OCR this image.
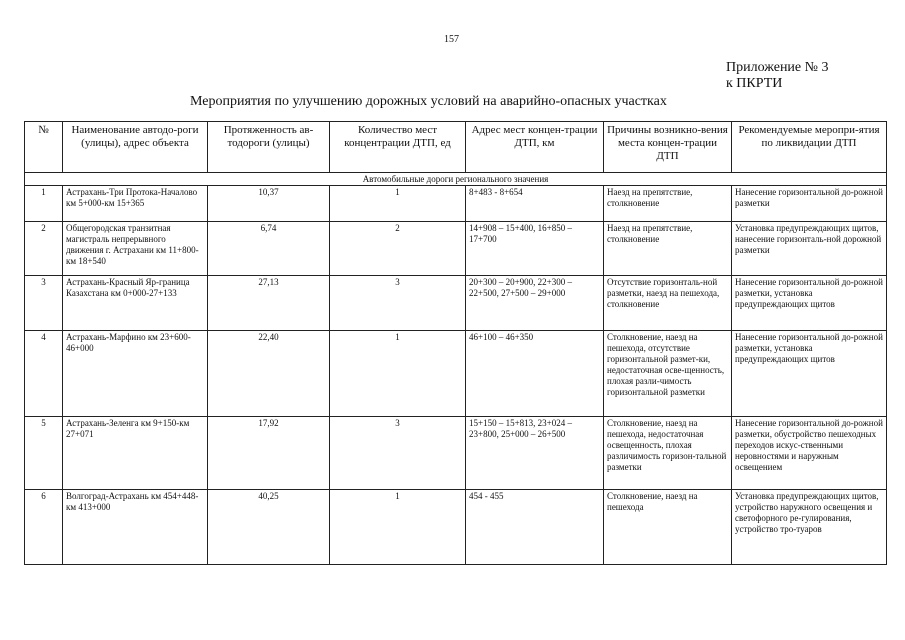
157
Приложение № 3
к ПКРТИ
Мероприятия по улучшению дорожных условий на аварийно-опасных участках
№	Наименование автодо-роги (улицы), адрес объекта	Протяженность ав-тодороги (улицы)	Количество мест концентрации ДТП, ед	Адрес мест концен-трации ДТП, км	Причины возникно-вения места концен-трации ДТП	Рекомендуемые меропри-ятия по ликвидации ДТП
Автомобильные дороги регионального значения						
1	Астрахань-Три Протока-Началово км 5+000-км 15+365	10,37	1	8+483 - 8+654	Наезд на препятствие, столкновение	Нанесение горизонтальной до-рожной разметки
2	Общегородская транзитная магистраль непрерывного движения г. Астрахани км 11+800-км 18+540	6,74	2	14+908 – 15+400, 16+850 – 17+700	Наезд на препятствие, столкновение	Установка предупреждающих щитов, нанесение горизонталь-ной дорожной разметки
3	Астрахань-Красный Яр-граница Казахстана км 0+000-27+133	27,13	3	20+300 – 20+900, 22+300 – 22+500, 27+500 – 29+000	Отсутствие горизонталь-ной разметки, наезд на пешехода, столкновение	Нанесение горизонтальной до-рожной разметки, установка предупреждающих щитов
4	Астрахань-Марфино км 23+600-46+000	22,40	1	46+100 – 46+350	Столкновение, наезд на пешехода, отсутствие горизонтальной размет-ки, недостаточная осве-щенность, плохая разли-чимость горизонтальной разметки	Нанесение горизонтальной до-рожной разметки, установка предупреждающих щитов
5	Астрахань-Зеленга км 9+150-км 27+071	17,92	3	15+150 – 15+813, 23+024 – 23+800, 25+000 – 26+500	Столкновение, наезд на пешехода, недостаточная освещенность, плохая различимость горизон-тальной разметки	Нанесение горизонтальной до-рожной разметки, обустройство пешеходных переходов искус-ственными неровностями и наружным освещением
6	Волгоград-Астрахань км 454+448-км 413+000	40,25	1	454 - 455	Столкновение, наезд на пешехода	Установка предупреждающих щитов, устройство наружного освещения и светофорного ре-гулирования, устройство тро-туаров
